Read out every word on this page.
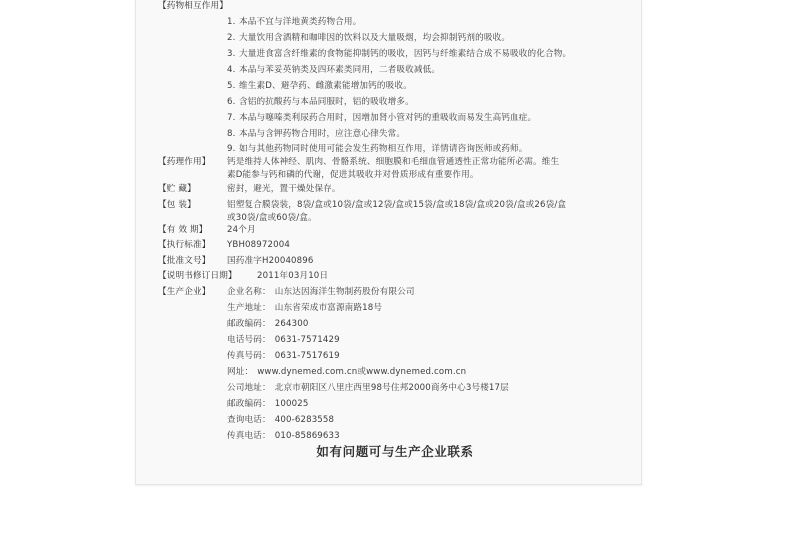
【药物相互作用】
1. 本品不宜与洋地黄类药物合用。
2. 大量饮用含酒精和咖啡因的饮料以及大量吸烟，均会抑制钙剂的吸收。
3. 大量进食富含纤维素的食物能抑制钙的吸收，因钙与纤维素结合成不易吸收的化合物。
4. 本品与苯妥英钠类及四环素类同用，二者吸收减低。
5. 维生素D、避孕药、雌激素能增加钙的吸收。
6. 含铝的抗酸药与本品同服时，铝的吸收增多。
7. 本品与噻嗪类利尿药合用时，因增加肾小管对钙的重吸收而易发生高钙血症。
8. 本品与含钾药物合用时，应注意心律失常。
9. 如与其他药物同时使用可能会发生药物相互作用，详情请咨询医师或药师。
【药理作用】 钙是维持人体神经、肌肉、骨骼系统、细胞膜和毛细血管通透性正常功能所必需。维生
素D能参与钙和磷的代谢，促进其吸收并对骨质形成有重要作用。
【贮 藏】	密封，避光，置干燥处保存。
【包 装】	铝塑复合膜袋装，8袋/盒或10袋/盒或12袋/盒或15袋/盒或18袋/盒或20袋/盒或26袋/盒
或30袋/盒或60袋/盒。
【有 效 期】 24个月
【执行标准】 YBH08972004
【批准文号】 国药准字H20040896
【说明书修订日期】 2011年03月10日
【生产企业】 企业名称： 山东达因海洋生物制药股份有限公司
生产地址： 山东省荣成市富源南路18号
邮政编码： 264300
电话号码： 0631-7571429
传真号码： 0631-7517619
网址： www.dynemed.com.cn或www.dynemed.com.cn
公司地址： 北京市朝阳区八里庄西里98号住邦2000商务中心3号楼17层
邮政编码： 100025
查询电话： 400-6283558
传真电话： 010-85869633
如有问题可与生产企业联系
